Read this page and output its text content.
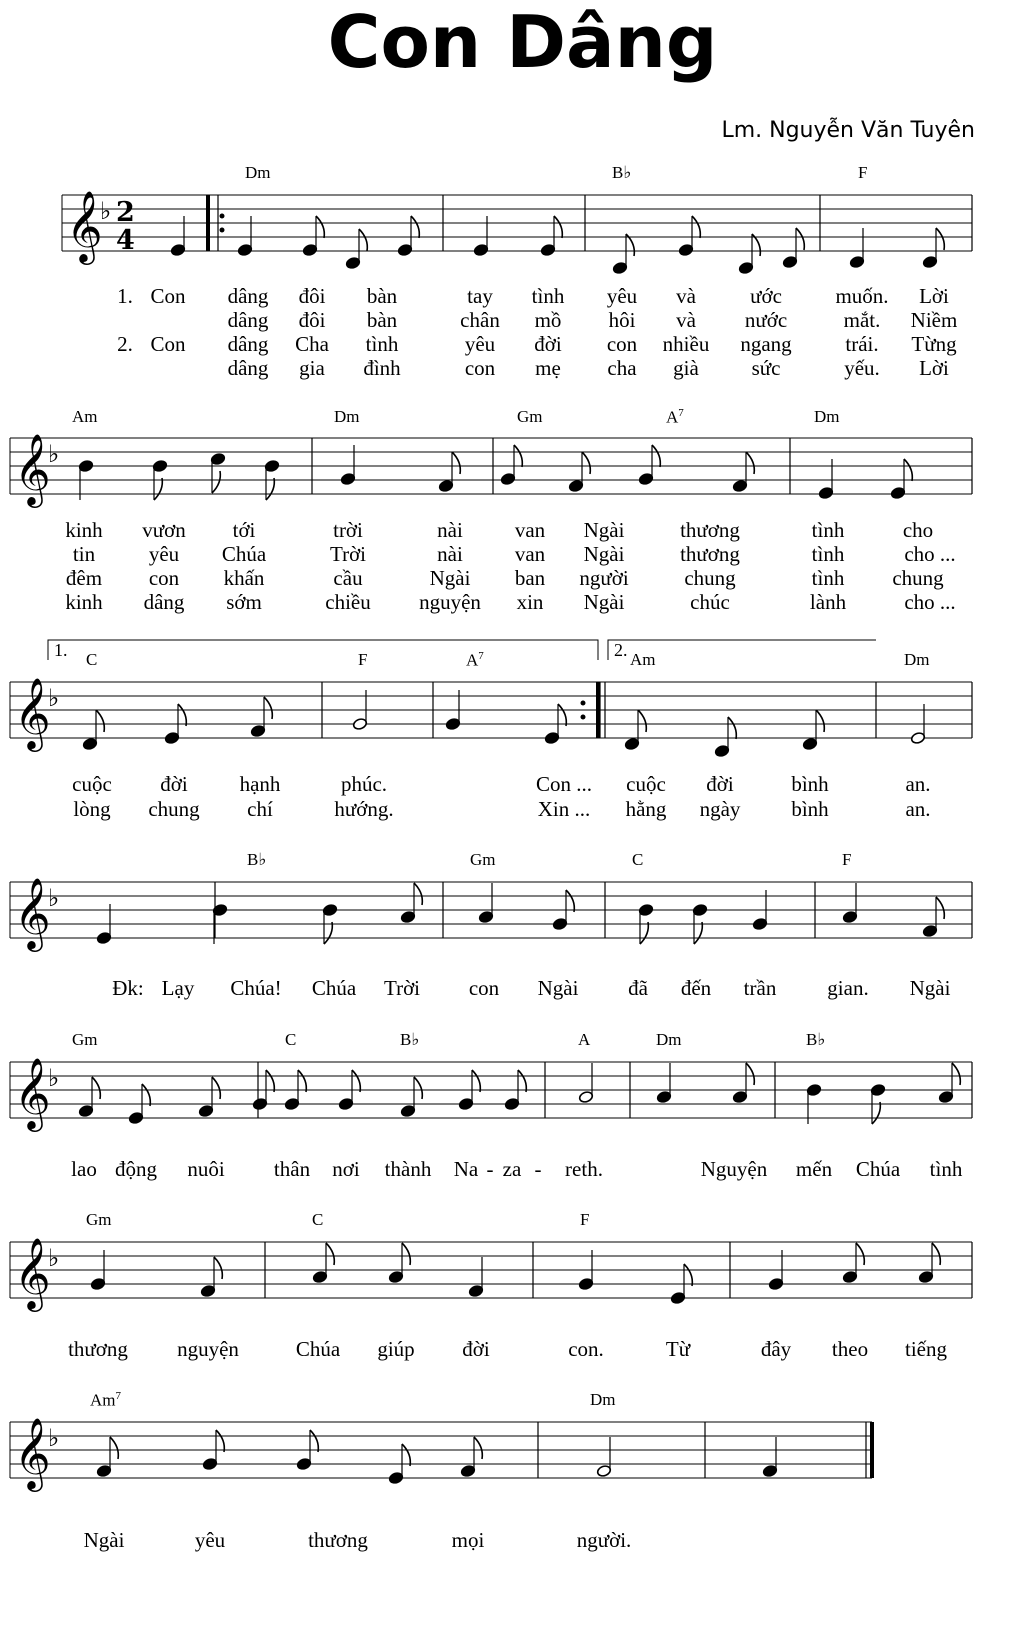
Con Dâng
Lm. Nguyễn Văn Tuyên
𝄞
♭ 2
4
Dm	B♭	F
1. Con dâng đôi bàn	tay tình yêu và	ước	muốn. Lời
dâng đôi bàn	chân mồ hôi và nước	mắt. Niềm
2. Con dâng Cha tình	yêu đời con nhiều ngang	trái. Từng
dâng gia đình	con mẹ cha già	sức	yếu. Lời
𝄞
♭
Am	Dm	Gm	$A^7$	Dm
kinh vươn tới	trời	nài van Ngài	thương	tình	cho
tin	yêu Chúa	Trời	nài van Ngài	thương	tình	cho ...
đêm con khấn	cầu	Ngài ban người	chung	tình chung
kinh dâng sớm	chiều nguyện xin Ngài	chúc	lành	cho ...
𝄞
♭
1.	2.
C	F	$A^7$	Am	Dm
cuộc đời hạnh	phúc.	Con ... cuộc đời	bình	an.
lòng chung chí	hướng.	Xin ... hằng ngày bình	an.
𝄞
♭
B♭	Gm	C	F
Đk: Lạy Chúa! Chúa Trời con Ngài đã đến trần gian. Ngài
𝄞
♭
Gm	C	B♭	A	Dm	B♭
lao động nuôi thân nơi thành Na - za - reth.	Nguyện mến Chúa tình
𝄞
♭
Gm	C	F
thương nguyện	Chúa giúp đời	con.	Từ	đây theo tiếng
𝄞
♭
Am$^7$	Dm
Ngài	yêu	thương	mọi	người.
